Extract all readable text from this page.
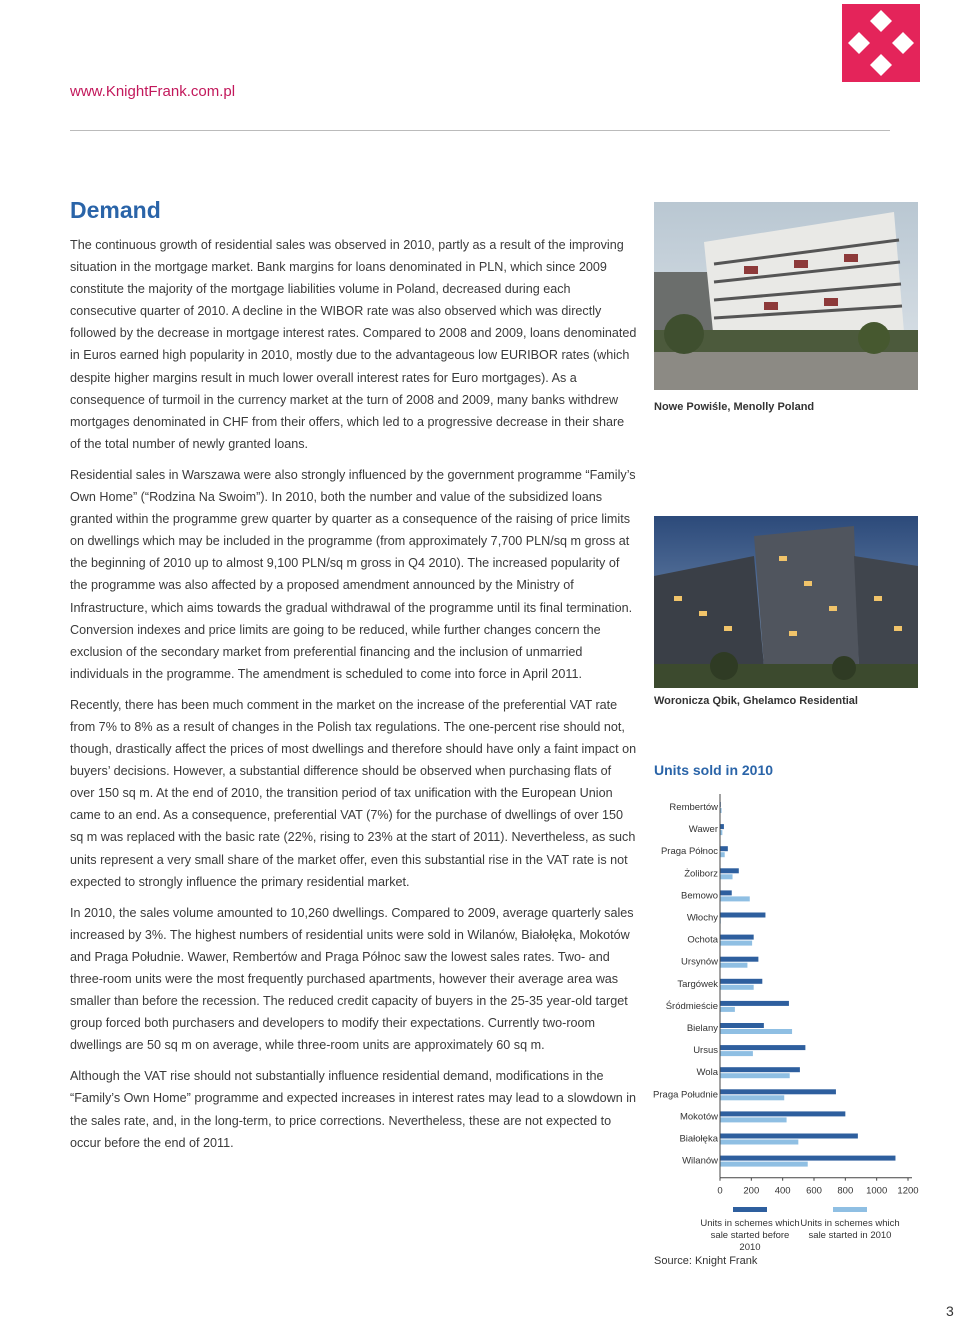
www.KnightFrank.com.pl
Demand

The continuous growth of residential sales was observed in 2010, partly as a result of the improving situation in the mortgage market. Bank margins for loans denominated in PLN, which since 2009 constitute the majority of the mortgage liabilities volume in Poland, decreased during each consecutive quarter of 2010. A decline in the WIBOR rate was also observed which was directly followed by the decrease in mortgage interest rates. Compared to 2008 and 2009, loans denominated in Euros earned high popularity in 2010, mostly due to the advantageous low EURIBOR rates (which despite higher margins result in much lower overall interest rates for Euro mortgages). As a consequence of turmoil in the currency market at the turn of 2008 and 2009, many banks withdrew mortgages denominated in CHF from their offers, which led to a progressive decrease in their share of the total number of newly granted loans.

Residential sales in Warszawa were also strongly influenced by the government programme “Family’s Own Home” (“Rodzina Na Swoim”). In 2010, both the number and value of the subsidized loans granted within the programme grew quarter by quarter as a consequence of the raising of price limits on dwellings which may be included in the programme (from approximately 7,700 PLN/sq m gross at the beginning of 2010 up to almost 9,100 PLN/sq m gross in Q4 2010). The increased popularity of the programme was also affected by a proposed amendment announced by the Ministry of Infrastructure, which aims towards the gradual withdrawal of the programme until its final termination. Conversion indexes and price limits are going to be reduced, while further changes concern the exclusion of the secondary market from preferential financing and the inclusion of unmarried individuals in the programme. The amendment is scheduled to come into force in April 2011.

Recently, there has been much comment in the market on the increase of the preferential VAT rate from 7% to 8% as a result of changes in the Polish tax regulations. The one-percent rise should not, though, drastically affect the prices of most dwellings and therefore should have only a faint impact on buyers’ decisions. However, a substantial difference should be observed when purchasing flats of over 150 sq m. At the end of 2010, the transition period of tax unification with the European Union came to an end. As a consequence, preferential VAT (7%) for the purchase of dwellings of over 150 sq m was replaced with the basic rate (22%, rising to 23% at the start of 2011). Nevertheless, as such units represent a very small share of the market offer, even this substantial rise in the VAT rate is not expected to strongly influence the primary residential market.

In 2010, the sales volume amounted to 10,260 dwellings. Compared to 2009, average quarterly sales increased by 3%. The highest numbers of residential units were sold in Wilanów, Białołęka, Mokotów and Praga Południe. Wawer, Rembertów and Praga Północ saw the lowest sales rates. Two- and three-room units were the most frequently purchased apartments, however their average area was smaller than before the recession. The reduced credit capacity of buyers in the 25-35 year-old target group forced both purchasers and developers to modify their expectations. Currently two-room dwellings are 50 sq m on average, while three-room units are approximately 60 sq m.

Although the VAT rise should not substantially influence residential demand, modifications in the “Family’s Own Home” programme and expected increases in interest rates may lead to a slowdown in the sales rate, and, in the long-term, to price corrections. Nevertheless, these are not expected to occur before the end of 2011.

Nowe Powiśle, Menolly Poland
Woronicza Qbik, Ghelamco Residential
Units sold in 2010
Rembertów
Wawer
Praga Północ
Żoliborz
Bemowo
Włochy
Ochota
Ursynów
Targówek
Śródmieście
Bielany
Ursus
Wola
Praga Południe
Mokotów
Białołęka
Wilanów
0 200 400 600 800 1000 1200
Units in schemes which sale started before 2010
Units in schemes which sale started in 2010
Source: Knight Frank
3
